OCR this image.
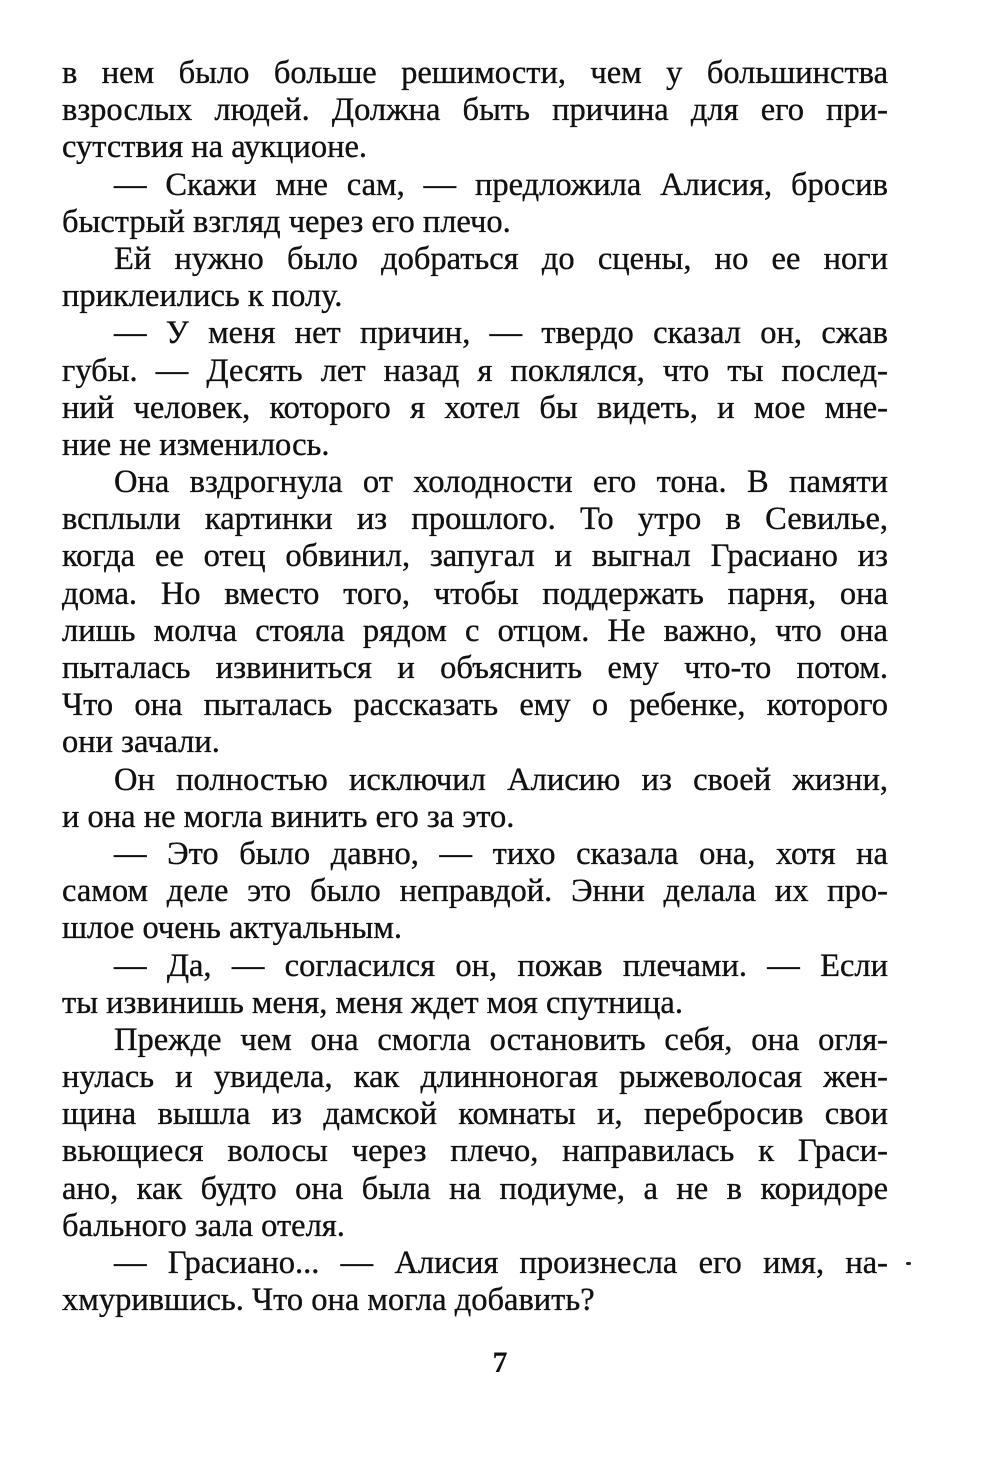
в нем было больше решимости, чем у большинства
взрослых людей. Должна быть причина для его при-
сутствия на аукционе.
— Скажи мне сам, — предложила Алисия, бросив
быстрый взгляд через его плечо.
Ей нужно было добраться до сцены, но ее ноги
приклеились к полу.
— У меня нет причин, — твердо сказал он, сжав
губы. — Десять лет назад я поклялся, что ты послед-
ний человек, которого я хотел бы видеть, и мое мне-
ние не изменилось.
Она вздрогнула от холодности его тона. В памяти
всплыли картинки из прошлого. То утро в Севилье,
когда ее отец обвинил, запугал и выгнал Грасиано из
дома. Но вместо того, чтобы поддержать парня, она
лишь молча стояла рядом с отцом. Не важно, что она
пыталась извиниться и объяснить ему что-то потом.
Что она пыталась рассказать ему о ребенке, которого
они зачали.
Он полностью исключил Алисию из своей жизни,
и она не могла винить его за это.
— Это было давно, — тихо сказала она, хотя на
самом деле это было неправдой. Энни делала их про-
шлое очень актуальным.
— Да, — согласился он, пожав плечами. — Если
ты извинишь меня, меня ждет моя спутница.
Прежде чем она смогла остановить себя, она огля-
нулась и увидела, как длинноногая рыжеволосая жен-
щина вышла из дамской комнаты и, перебросив свои
вьющиеся волосы через плечо, направилась к Граси-
ано, как будто она была на подиуме, а не в коридоре
бального зала отеля.
— Грасиано... — Алисия произнесла его имя, на-
хмурившись. Что она могла добавить?
7
